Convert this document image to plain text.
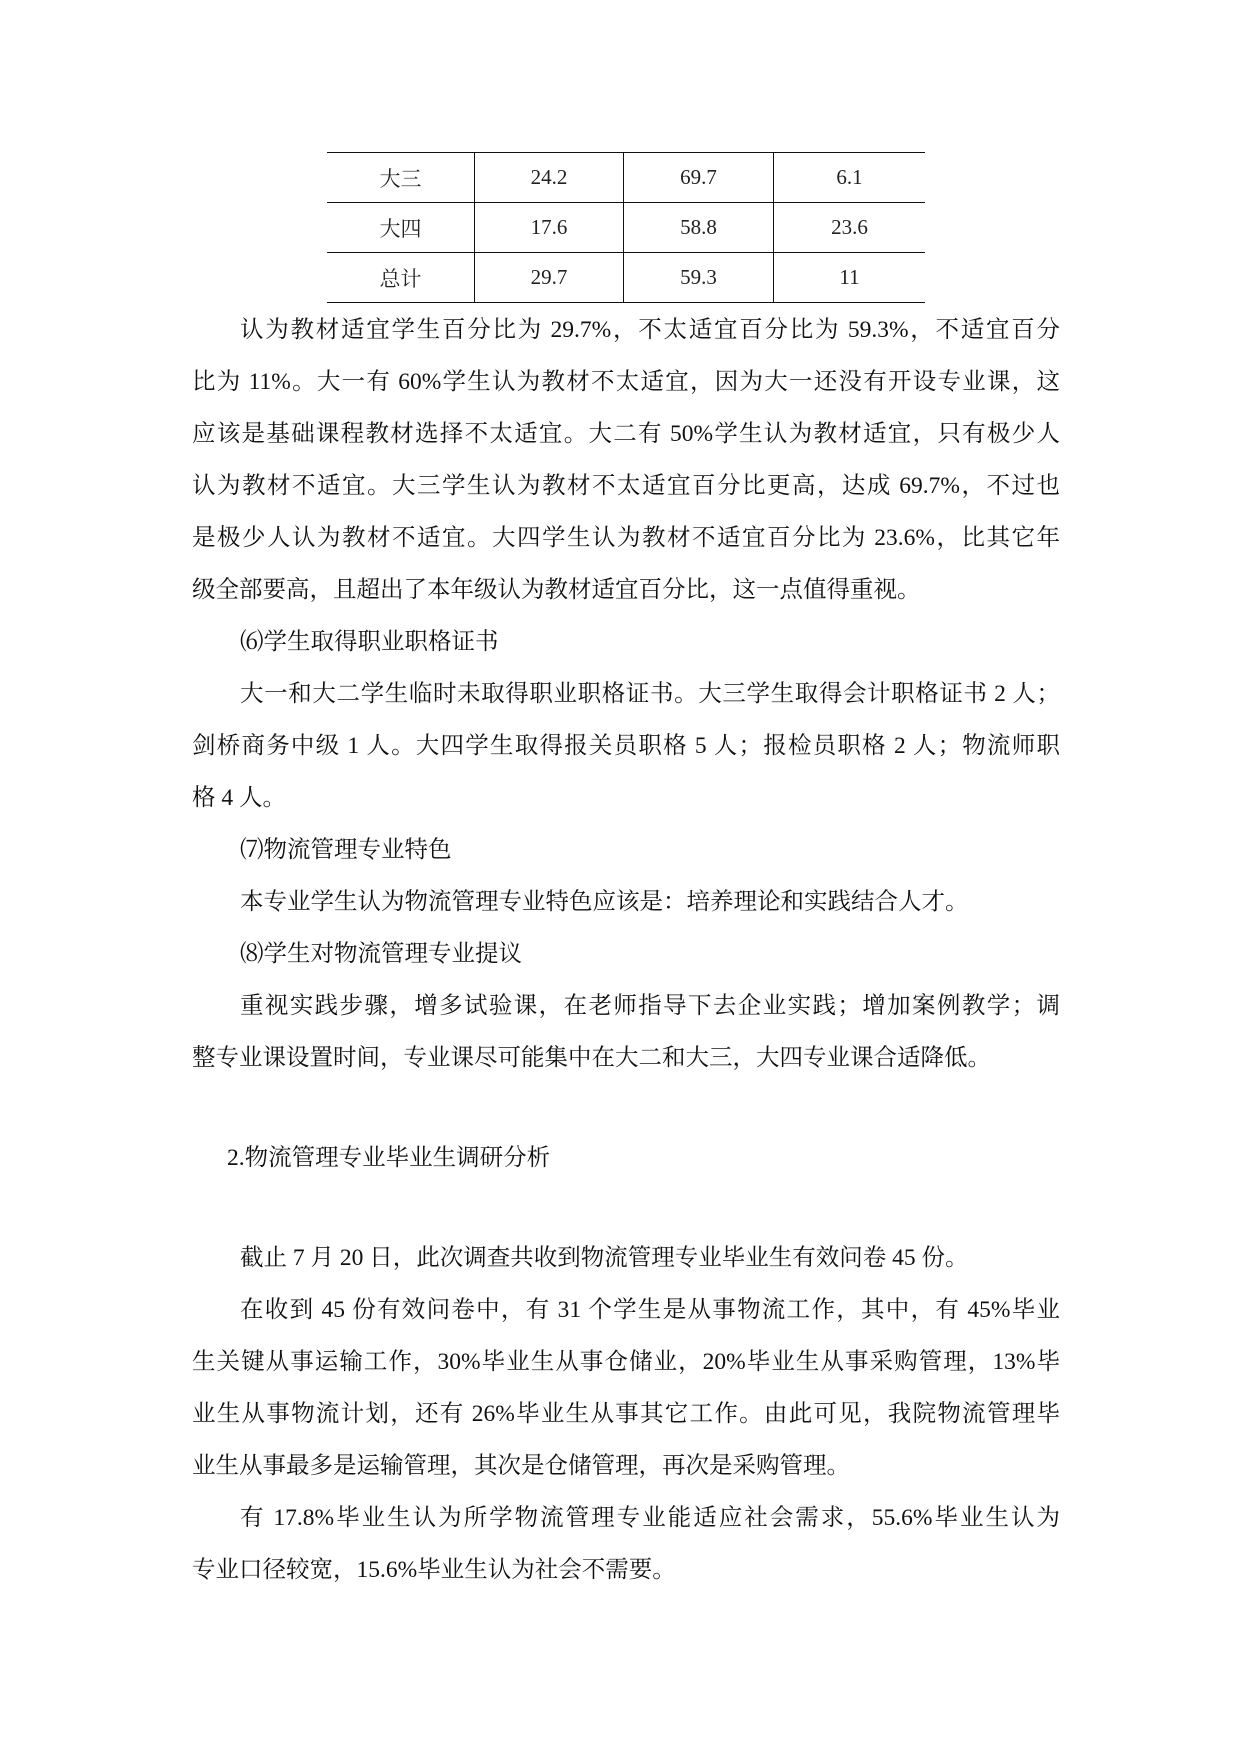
大三	24.2	69.7	6.1
大四	17.6	58.8	23.6
总计	29.7	59.3	11
认为教材适宜学生百分比为 29.7%，不太适宜百分比为 59.3%，不适宜百分
比为 11%。大一有 60%学生认为教材不太适宜，因为大一还没有开设专业课，这
应该是基础课程教材选择不太适宜。大二有 50%学生认为教材适宜，只有极少人
认为教材不适宜。大三学生认为教材不太适宜百分比更高，达成 69.7%，不过也
是极少人认为教材不适宜。大四学生认为教材不适宜百分比为 23.6%，比其它年
级全部要高，且超出了本年级认为教材适宜百分比，这一点值得重视。
⑹学生取得职业职格证书
大一和大二学生临时未取得职业职格证书。大三学生取得会计职格证书 2 人；
剑桥商务中级 1 人。大四学生取得报关员职格 5 人；报检员职格 2 人；物流师职
格 4 人。
⑺物流管理专业特色
本专业学生认为物流管理专业特色应该是：培养理论和实践结合人才。
⑻学生对物流管理专业提议
重视实践步骤，增多试验课，在老师指导下去企业实践；增加案例教学；调
整专业课设置时间，专业课尽可能集中在大二和大三，大四专业课合适降低。
2.物流管理专业毕业生调研分析
截止 7 月 20 日，此次调查共收到物流管理专业毕业生有效问卷 45 份。
在收到 45 份有效问卷中，有 31 个学生是从事物流工作，其中，有 45%毕业
生关键从事运输工作，30%毕业生从事仓储业，20%毕业生从事采购管理，13%毕
业生从事物流计划，还有 26%毕业生从事其它工作。由此可见，我院物流管理毕
业生从事最多是运输管理，其次是仓储管理，再次是采购管理。
有 17.8%毕业生认为所学物流管理专业能适应社会需求，55.6%毕业生认为
专业口径较宽，15.6%毕业生认为社会不需要。
